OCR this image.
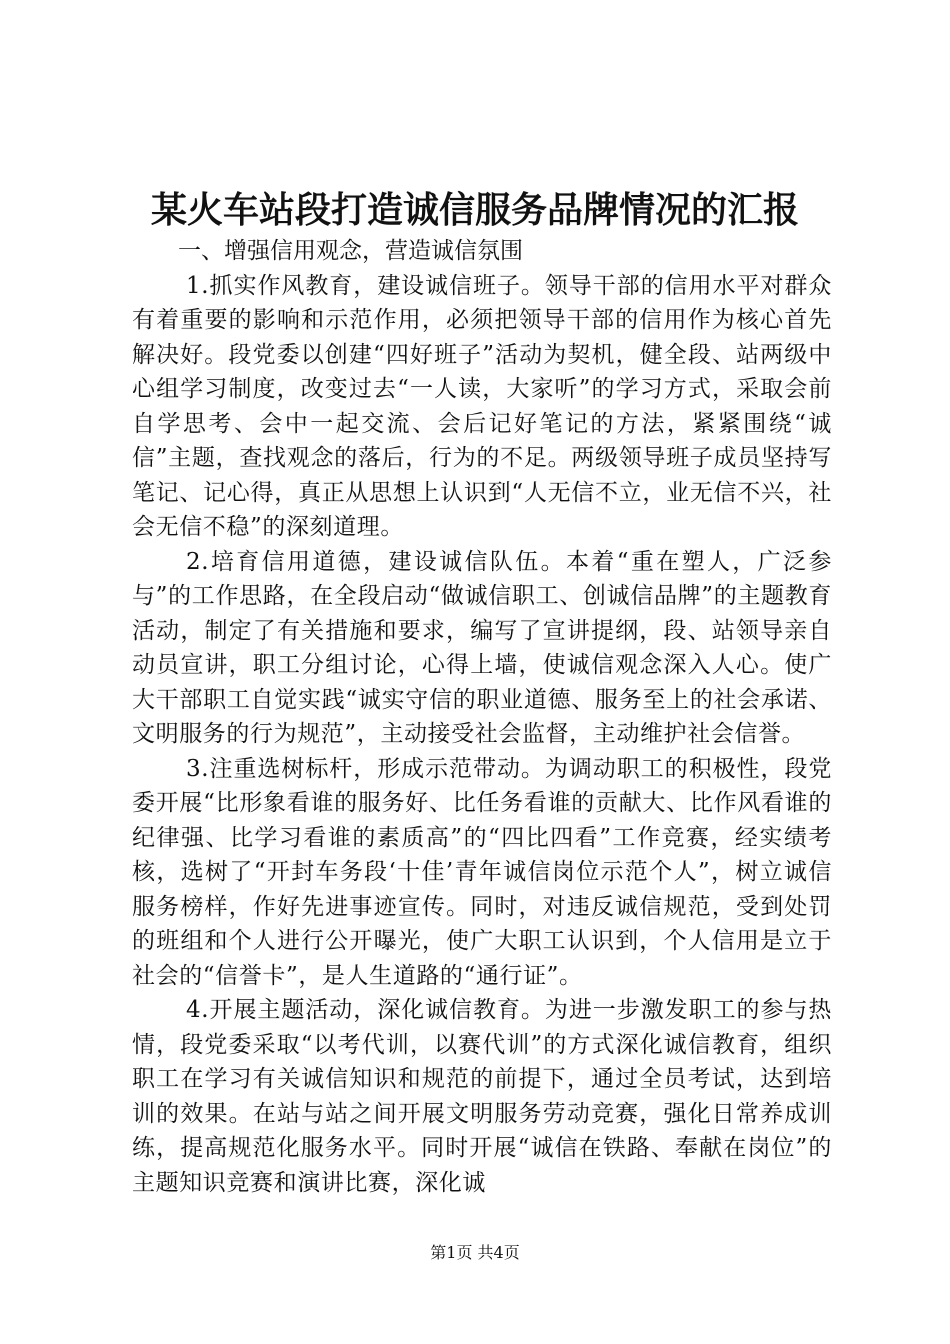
某火车站段打造诚信服务品牌情况的汇报

一、增强信用观念，营造诚信氛围

1.抓实作风教育，建设诚信班子。领导干部的信用水平对群众有着重要的影响和示范作用，必须把领导干部的信用作为核心首先解决好。段党委以创建“四好班子”活动为契机，健全段、站两级中心组学习制度，改变过去“一人读，大家听”的学习方式，采取会前自学思考、会中一起交流、会后记好笔记的方法，紧紧围绕“诚信”主题，查找观念的落后，行为的不足。两级领导班子成员坚持写笔记、记心得，真正从思想上认识到“人无信不立，业无信不兴，社会无信不稳”的深刻道理。

2.培育信用道德，建设诚信队伍。本着“重在塑人，广泛参与”的工作思路，在全段启动“做诚信职工、创诚信品牌”的主题教育活动，制定了有关措施和要求，编写了宣讲提纲，段、站领导亲自动员宣讲，职工分组讨论，心得上墙，使诚信观念深入人心。使广大干部职工自觉实践“诚实守信的职业道德、服务至上的社会承诺、文明服务的行为规范”，主动接受社会监督，主动维护社会信誉。

3.注重选树标杆，形成示范带动。为调动职工的积极性，段党委开展“比形象看谁的服务好、比任务看谁的贡献大、比作风看谁的纪律强、比学习看谁的素质高”的“四比四看”工作竞赛，经实绩考核，选树了“开封车务段‘十佳’青年诚信岗位示范个人”，树立诚信服务榜样，作好先进事迹宣传。同时，对违反诚信规范，受到处罚的班组和个人进行公开曝光，使广大职工认识到，个人信用是立于社会的“信誉卡”，是人生道路的“通行证”。

4.开展主题活动，深化诚信教育。为进一步激发职工的参与热情，段党委采取“以考代训，以赛代训”的方式深化诚信教育，组织职工在学习有关诚信知识和规范的前提下，通过全员考试，达到培训的效果。在站与站之间开展文明服务劳动竞赛，强化日常养成训练，提高规范化服务水平。同时开展“诚信在铁路、奉献在岗位”的主题知识竞赛和演讲比赛，深化诚

第1页 共4页
